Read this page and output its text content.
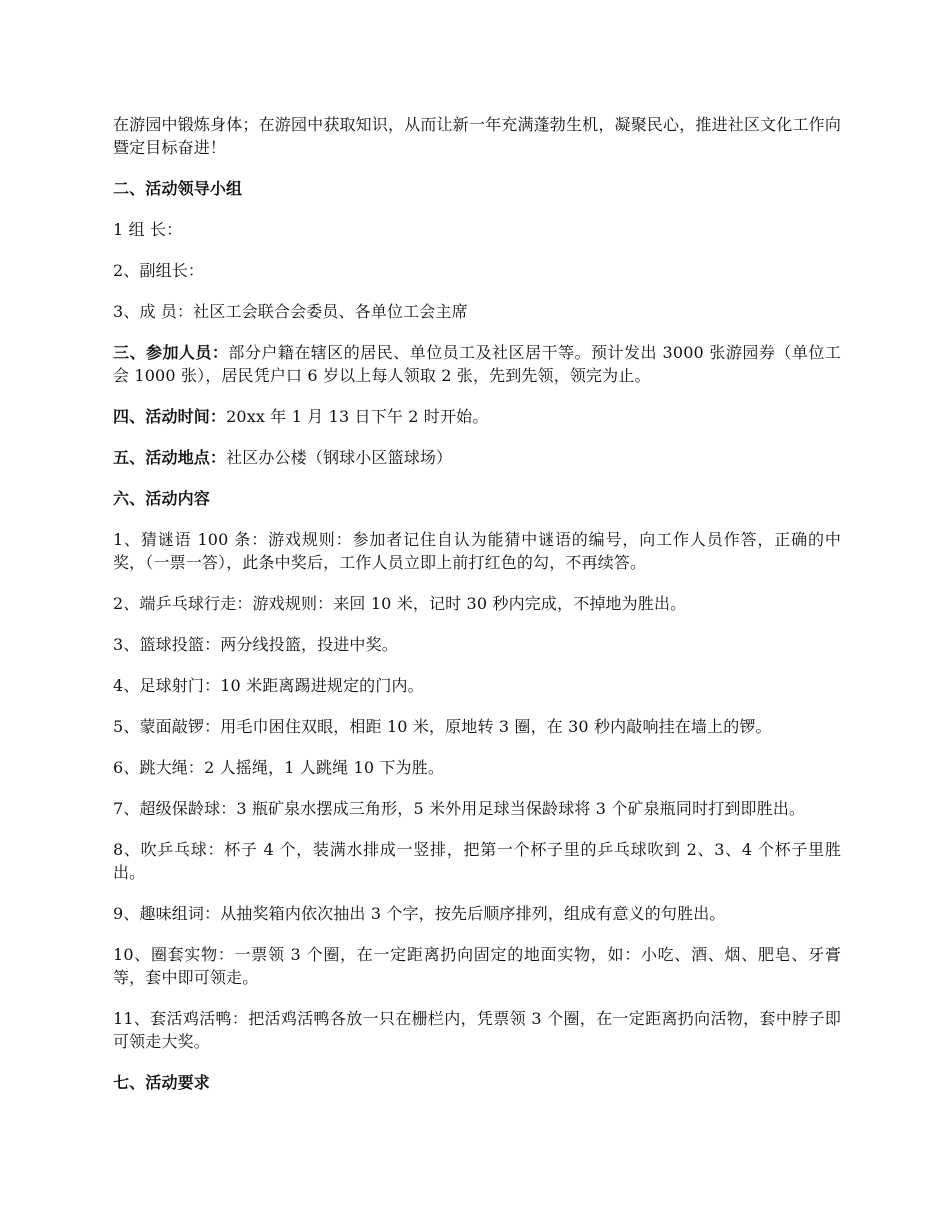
在游园中锻炼身体；在游园中获取知识，从而让新一年充满蓬勃生机，凝聚民心，推进社区文化工作向暨定目标奋进！

二、活动领导小组

1 组 长：

2、副组长：

3、成 员：社区工会联合会委员、各单位工会主席

三、参加人员：部分户籍在辖区的居民、单位员工及社区居干等。预计发出 3000 张游园券（单位工会 1000 张），居民凭户口 6 岁以上每人领取 2 张，先到先领，领完为止。

四、活动时间：20xx 年 1 月 13 日下午 2 时开始。

五、活动地点：社区办公楼（钢球小区篮球场）

六、活动内容

1、猜谜语 100 条：游戏规则：参加者记住自认为能猜中谜语的编号，向工作人员作答，正确的中奖，（一票一答），此条中奖后，工作人员立即上前打红色的勾，不再续答。

2、端乒乓球行走：游戏规则：来回 10 米，记时 30 秒内完成，不掉地为胜出。

3、篮球投篮：两分线投篮，投进中奖。

4、足球射门：10 米距离踢进规定的门内。

5、蒙面敲锣：用毛巾困住双眼，相距 10 米，原地转 3 圈，在 30 秒内敲响挂在墙上的锣。

6、跳大绳：2 人摇绳，1 人跳绳 10 下为胜。

7、超级保龄球：3 瓶矿泉水摆成三角形，5 米外用足球当保龄球将 3 个矿泉瓶同时打到即胜出。

8、吹乒乓球：杯子 4 个，装满水排成一竖排，把第一个杯子里的乒乓球吹到 2、3、4 个杯子里胜出。

9、趣味组词：从抽奖箱内依次抽出 3 个字，按先后顺序排列，组成有意义的句胜出。

10、圈套实物：一票领 3 个圈，在一定距离扔向固定的地面实物，如：小吃、酒、烟、肥皂、牙膏等，套中即可领走。

11、套活鸡活鸭：把活鸡活鸭各放一只在栅栏内，凭票领 3 个圈，在一定距离扔向活物，套中脖子即可领走大奖。

七、活动要求
